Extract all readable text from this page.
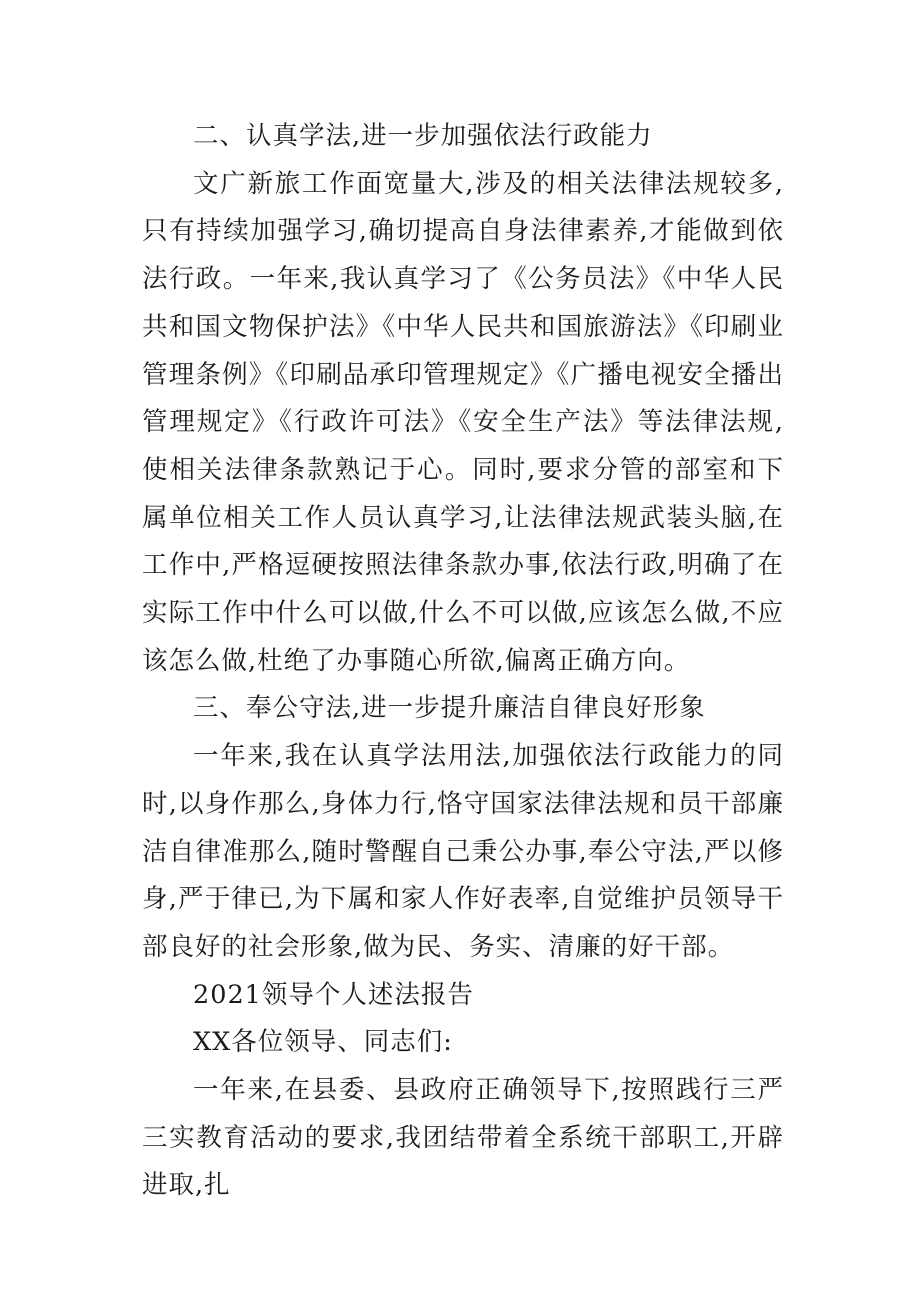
二、认真学法,进一步加强依法行政能力

文广新旅工作面宽量大,涉及的相关法律法规较多,只有持续加强学习,确切提高自身法律素养,才能做到依法行政。一年来,我认真学习了《公务员法》《中华人民共和国文物保护法》《中华人民共和国旅游法》《印刷业管理条例》《印刷品承印管理规定》《广播电视安全播出管理规定》《行政许可法》《安全生产法》等法律法规,使相关法律条款熟记于心。同时,要求分管的部室和下属单位相关工作人员认真学习,让法律法规武装头脑,在工作中,严格逗硬按照法律条款办事,依法行政,明确了在实际工作中什么可以做,什么不可以做,应该怎么做,不应该怎么做,杜绝了办事随心所欲,偏离正确方向。

三、奉公守法,进一步提升廉洁自律良好形象

一年来,我在认真学法用法,加强依法行政能力的同时,以身作那么,身体力行,恪守国家法律法规和员干部廉洁自律准那么,随时警醒自己秉公办事,奉公守法,严以修身,严于律已,为下属和家人作好表率,自觉维护员领导干部良好的社会形象,做为民、务实、清廉的好干部。

2021领导个人述法报告

XX各位领导、同志们:

一年来,在县委、县政府正确领导下,按照践行三严三实教育活动的要求,我团结带着全系统干部职工,开辟进取,扎
